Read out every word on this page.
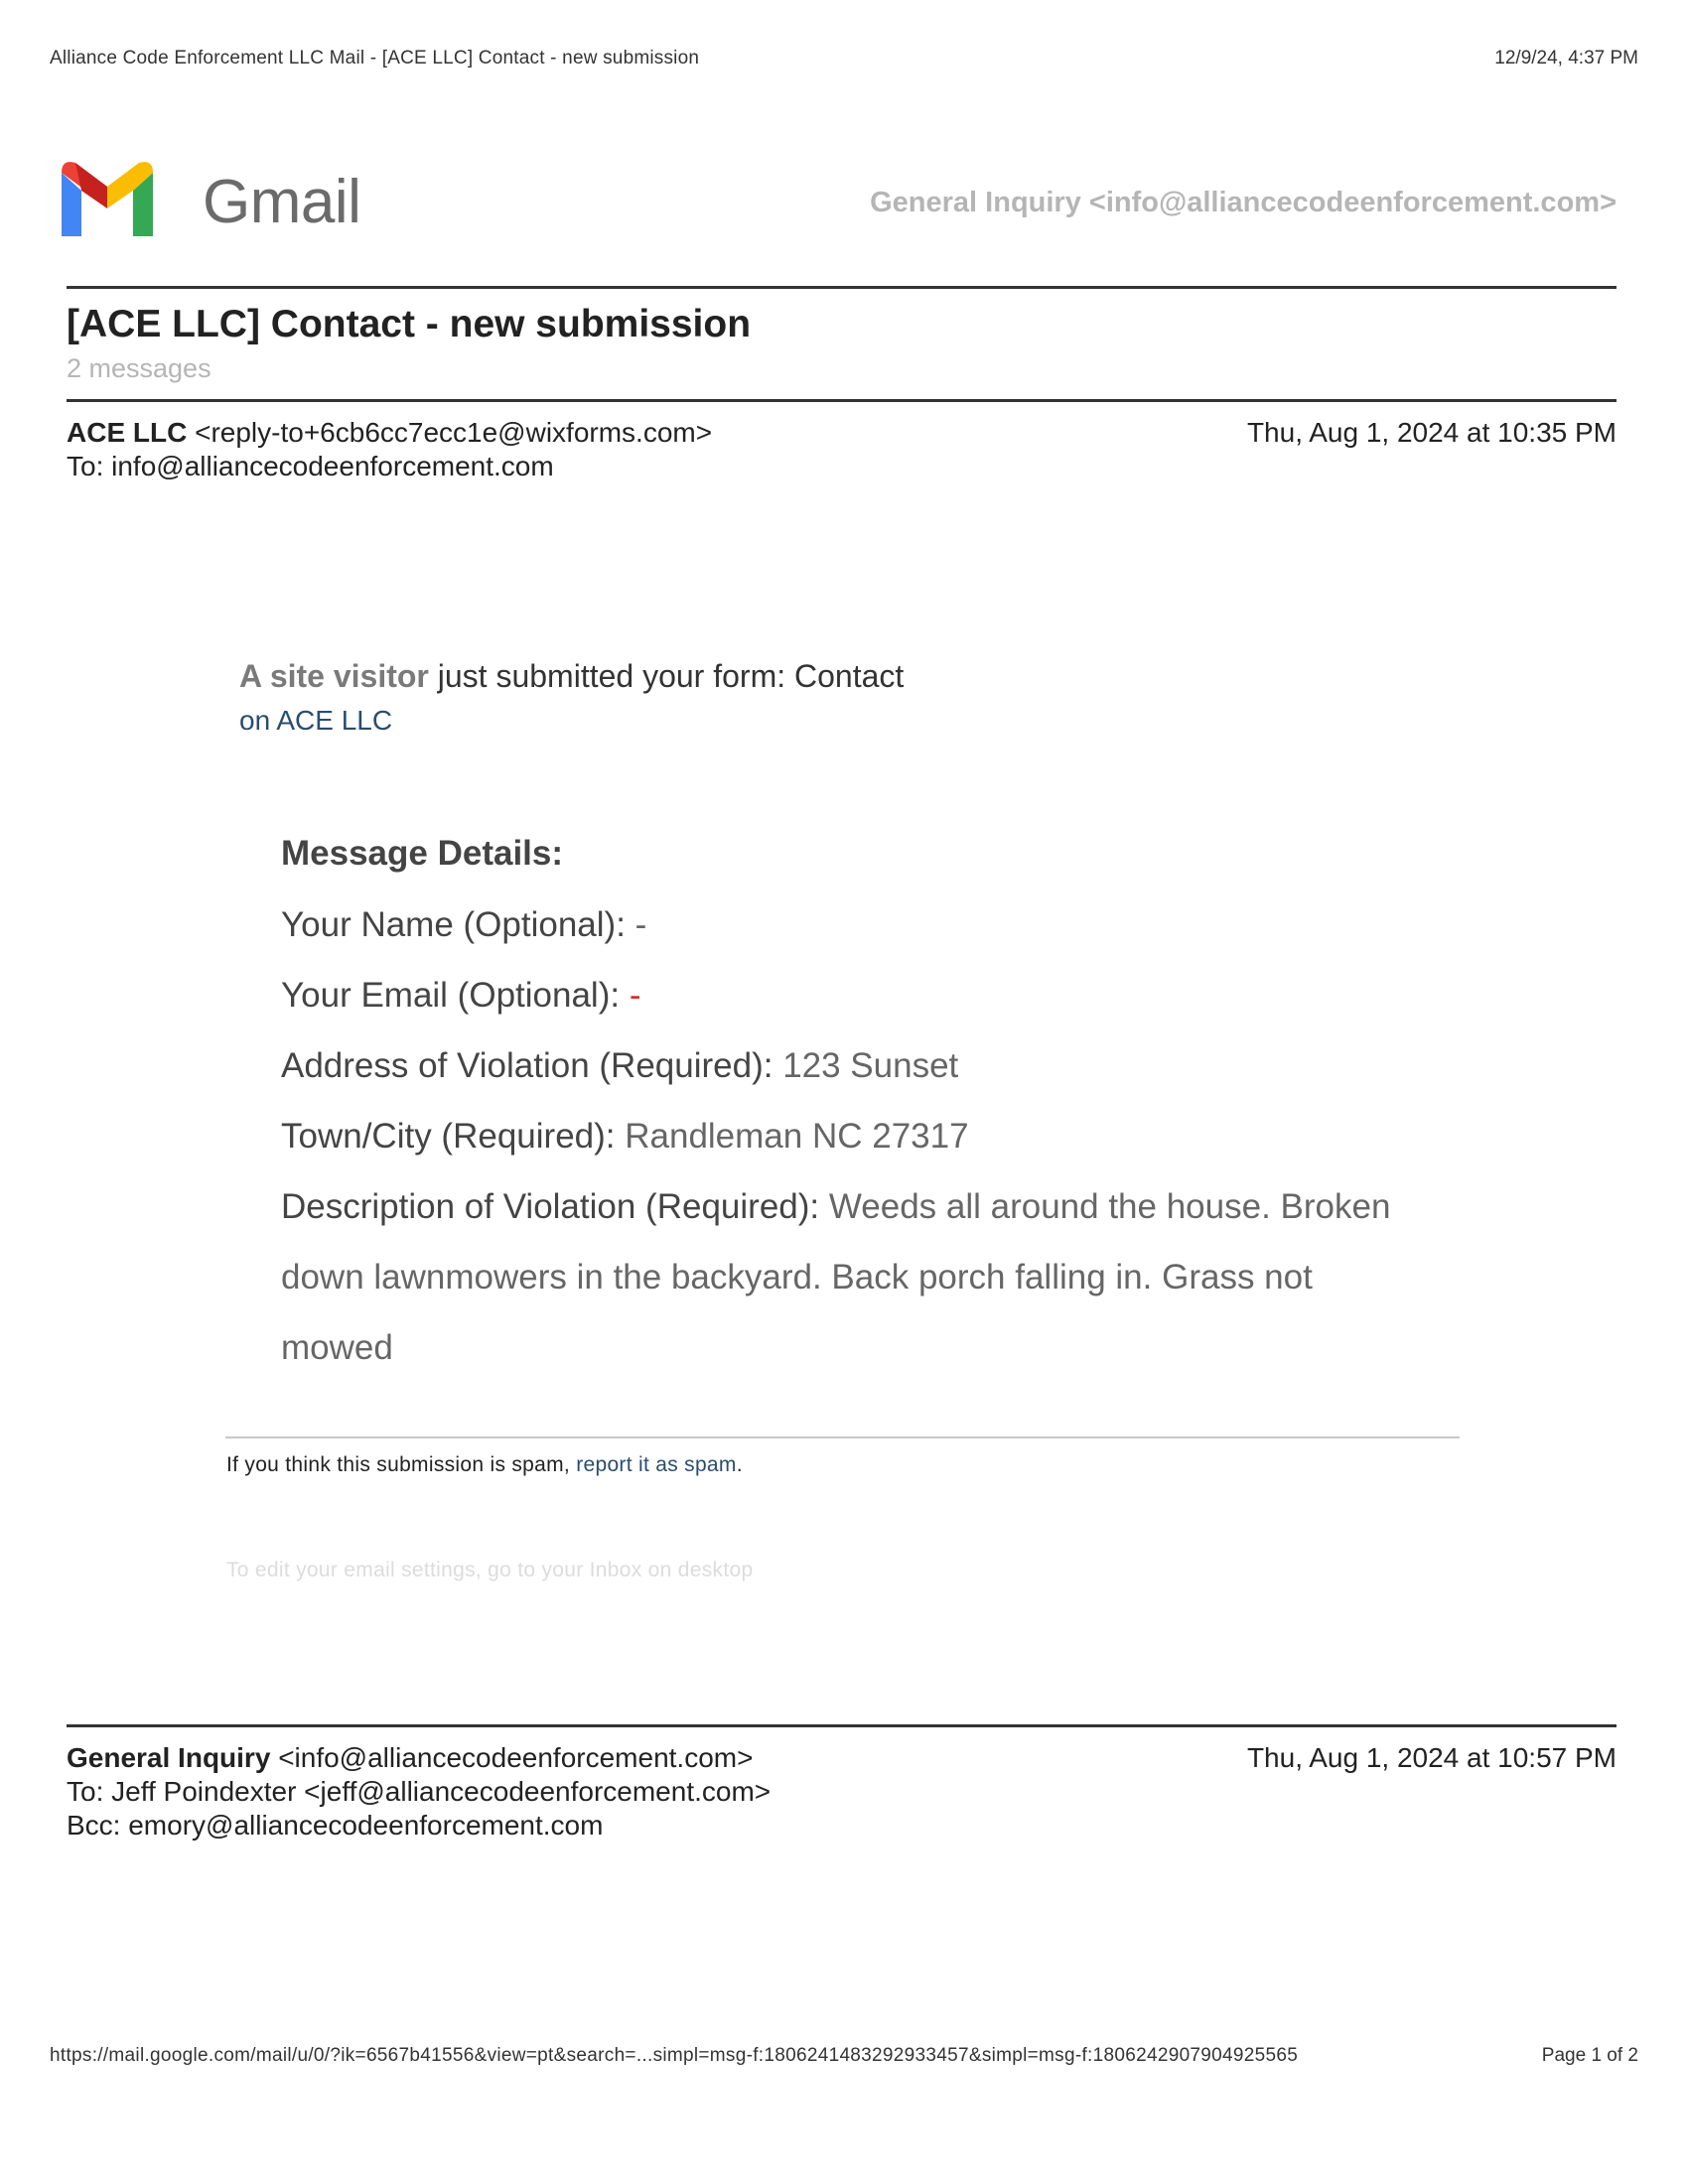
Alliance Code Enforcement LLC Mail - [ACE LLC] Contact - new submission	12/9/24, 4:37 PM
Gmail	General Inquiry <info@alliancecodeenforcement.com>
[ACE LLC] Contact - new submission
2 messages
ACE LLC <reply-to+6cb6cc7ecc1e@wixforms.com>
To: info@alliancecodeenforcement.com
Thu, Aug 1, 2024 at 10:35 PM
A site visitor just submitted your form: Contact
on ACE LLC
Message Details:
Your Name (Optional): -
Your Email (Optional): -
Address of Violation (Required): 123 Sunset
Town/City (Required): Randleman NC 27317
Description of Violation (Required): Weeds all around the house. Broken
down lawnmowers in the backyard. Back porch falling in. Grass not
mowed
If you think this submission is spam, report it as spam.
To edit your email settings, go to your Inbox on desktop
General Inquiry <info@alliancecodeenforcement.com>
To: Jeff Poindexter <jeff@alliancecodeenforcement.com>
Bcc: emory@alliancecodeenforcement.com
Thu, Aug 1, 2024 at 10:57 PM
https://mail.google.com/mail/u/0/?ik=6567b41556&view=pt&search=...simpl=msg-f:1806241483292933457&simpl=msg-f:1806242907904925565	Page 1 of 2
